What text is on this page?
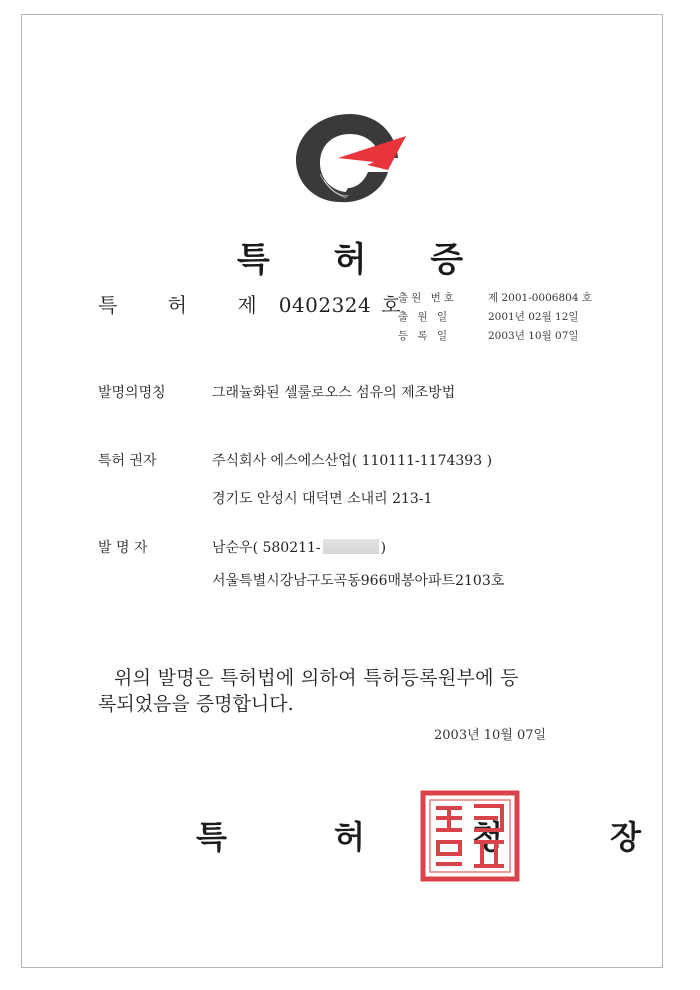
특 허 증
특 허 제0402324 호
출원 번호	제 2001-0006804 호
출 원 일	2001년 02월 12일
등 록 일	2003년 10월 07일
발명의명칭	그래뉼화된 셀룰로오스 섬유의 제조방법
특허 권자	주식회사 에스에스산업( 110111-1174393 )
경기도 안성시 대덕면 소내리 213-1
발 명 자	남순우( 580211-	)
서울특별시강남구도곡동966매봉아파트2103호
위의 발명은 특허법에 의하여 특허등록원부에 등
록되었음을 증명합니다.
2003년 10월 07일
특 허 청 장
